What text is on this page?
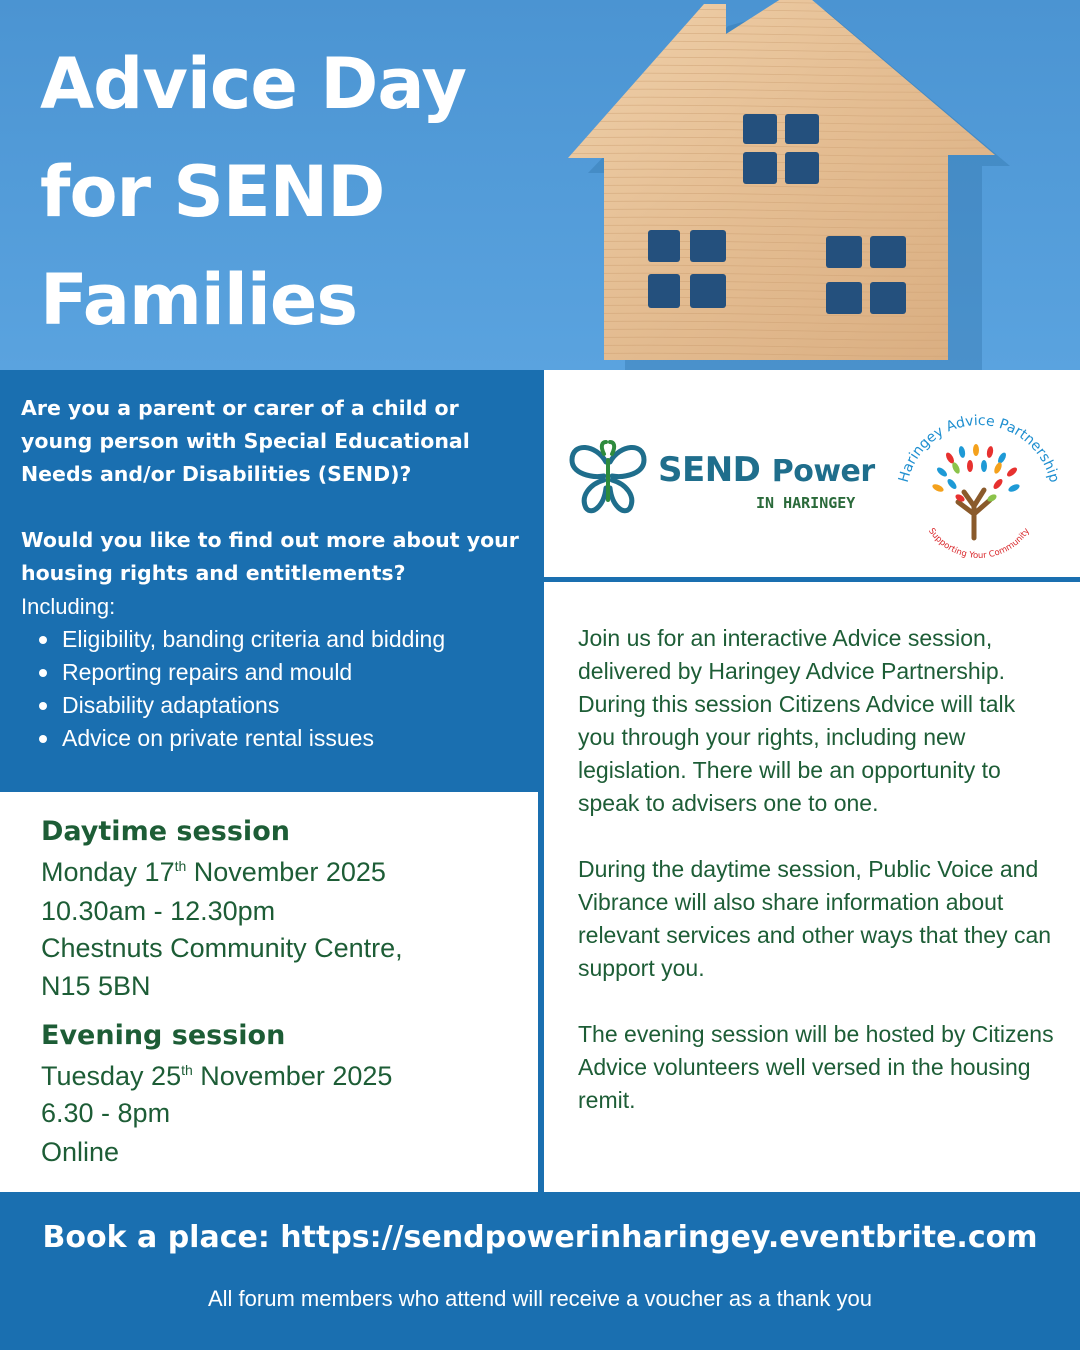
Advice Day
for SEND
Families
Are you a parent or carer of a child or young person with Special Educational Needs and/or Disabilities (SEND)?
Would you like to find out more about your housing rights and entitlements?
Including:
Eligibility, banding criteria and bidding
Reporting repairs and mould
Disability adaptations
Advice on private rental issues
Daytime session
Monday 17th November 2025
10.30am - 12.30pm
Chestnuts Community Centre,
N15 5BN
Evening session
Tuesday 25th November 2025
6.30 - 8pm
Online
SEND Power
IN HARINGEY
Haringey Advice Partnership
Supporting Your Community

Join us for an interactive Advice session, delivered by Haringey Advice Partnership. During this session Citizens Advice will talk you through your rights, including new legislation. There will be an opportunity to speak to advisers one to one.

During the daytime session, Public Voice and Vibrance will also share information about relevant services and other ways that they can support you.

The evening session will be hosted by Citizens Advice volunteers well versed in the housing remit.

Book a place: https://sendpowerinharingey.eventbrite.com
All forum members who attend will receive a voucher as a thank you
